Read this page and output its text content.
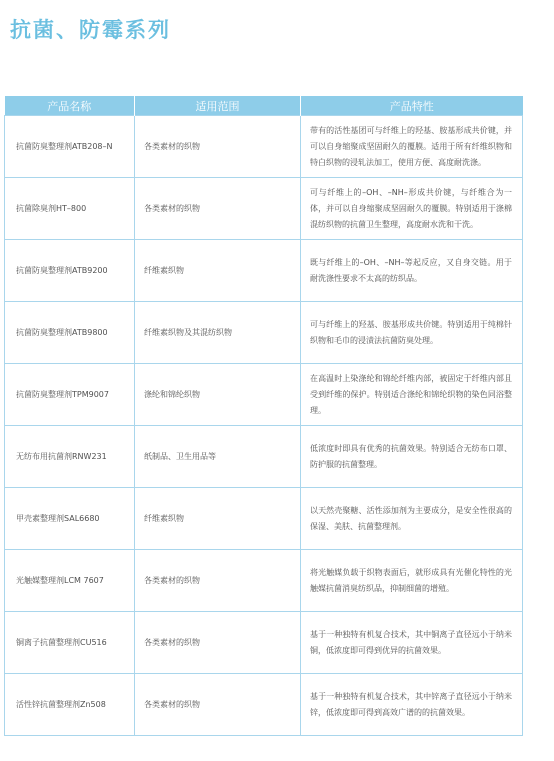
抗菌、防霉系列
产品名称	适用范围	产品特性
抗菌防臭整理剂ATB208–N	各类素材的织物	带有的活性基团可与纤维上的羟基、胺基形成共价键，并可以自身缩聚成坚固耐久的覆膜。适用于所有纤维织物和特白织物的浸轧法加工，使用方便、高度耐洗涤。
抗菌除臭剂HT–800	各类素材的织物	可与纤维上的–OH、–NH–形成共价键，与纤维合为一体，并可以自身缩聚成坚固耐久的覆膜。特别适用于涤棉混纺织物的抗菌卫生整理，高度耐水洗和干洗。
抗菌防臭整理剂ATB9200	纤维素织物	既与纤维上的–OH、–NH–等起反应，又自身交链。用于耐洗涤性要求不太高的纺织品。
抗菌防臭整理剂ATB9800	纤维素织物及其混纺织物	可与纤维上的羟基、胺基形成共价键。特别适用于纯棉针织物和毛巾的浸渍法抗菌防臭处理。
抗菌防臭整理剂TPM9007	涤纶和锦纶织物	在高温时上染涤纶和锦纶纤维内部，被固定于纤维内部且受到纤维的保护。特别适合涤纶和锦纶织物的染色同浴整理。
无纺布用抗菌剂RNW231	纸制品、卫生用品等	低浓度时即具有优秀的抗菌效果。特别适合无纺布口罩、防护服的抗菌整理。
甲壳素整理剂SAL6680	纤维素织物	以天然壳聚糖、活性添加剂为主要成分，是安全性很高的保湿、美肤、抗菌整理剂。
光触媒整理剂LCM 7607	各类素材的织物	将光触媒负载于织物表面后，就形成具有光催化特性的光触媒抗菌消臭纺织品，抑制细菌的增殖。
铜离子抗菌整理剂CU516	各类素材的织物	基于一种独特有机复合技术，其中铜离子直径远小于纳米铜，低浓度即可得到优异的抗菌效果。
活性锌抗菌整理剂Zn508	各类素材的织物	基于一种独特有机复合技术，其中锌离子直径远小于纳米锌，低浓度即可得到高效广谱的的抗菌效果。
